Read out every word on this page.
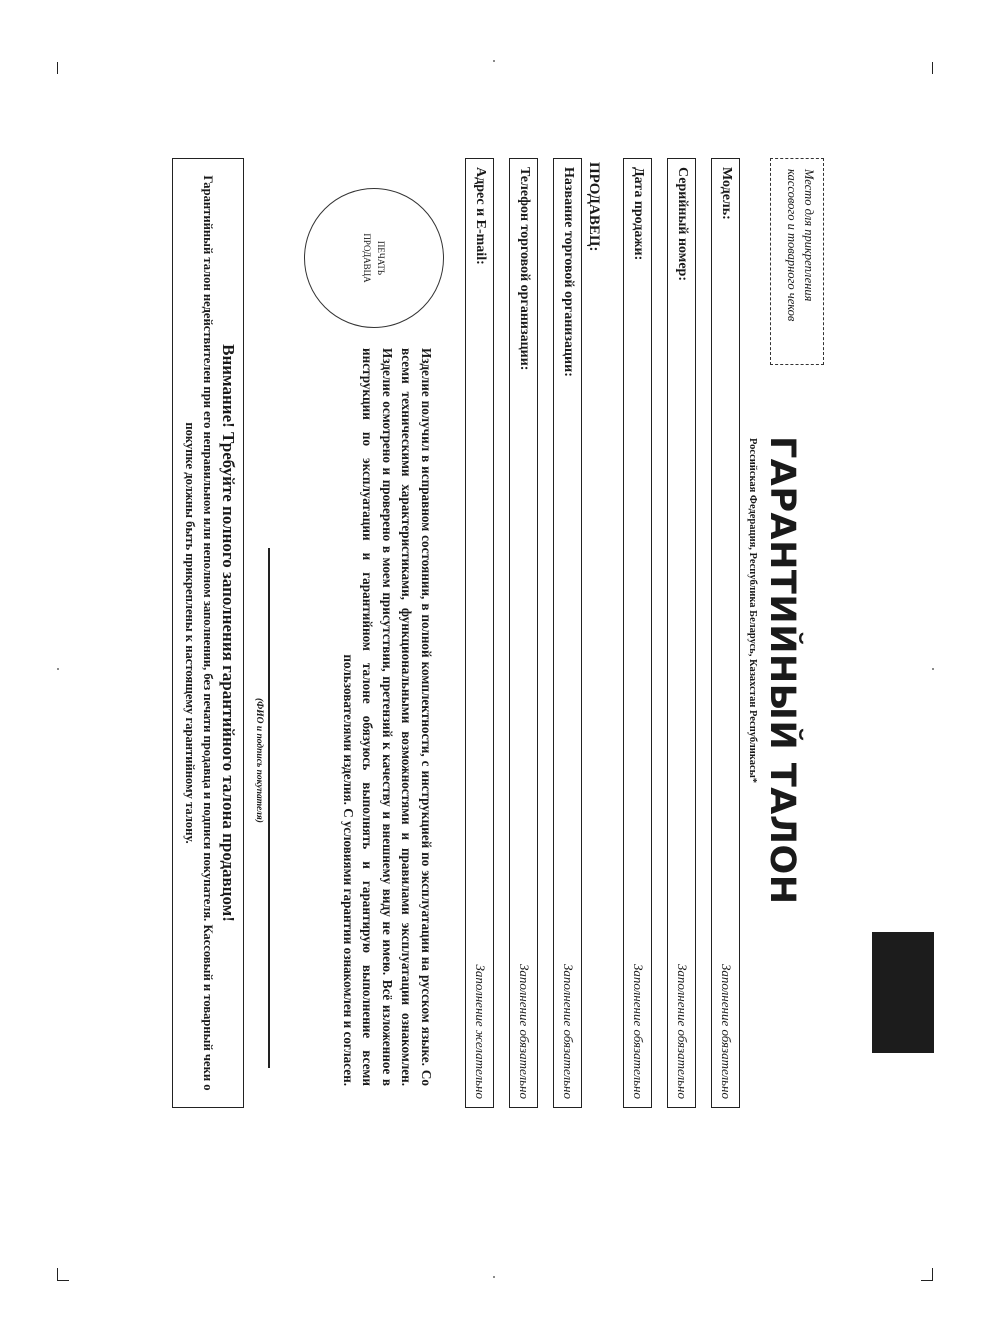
Место для прикрепления
кассового и товарного чеков
ГАРАНТИЙНЫЙ ТАЛОН
Российская Федерация, Республика Беларусь, Казахстан Республикасы*
Модель:
Заполнение обязательно
Серийный номер:
Заполнение обязательно
Дата продажи:
Заполнение обязательно
ПРОДАВЕЦ:
Название торговой организации:
Заполнение обязательно
Телефон торговой организации:
Заполнение обязательно
Адрес и E-mail:
Заполнение желательно
ПЕЧАТЬ
ПРОДАВЦА
Изделие получил в исправном состоянии, в полной комплектности, с инструкцией по эксплуатации на русском языке. Со всеми техническими характеристиками, функциональными возможностями и правилами эксплуатации ознакомлен. Изделие осмотрено и проверено в моем присутствии, претензий к качеству и внешнему виду не имею. Всё изложенное в инструкции по эксплуатации и гарантийном талоне обязуюсь выполнять и гарантирую выполнение всеми пользователями изделия. С условиями гарантии ознакомлен и согласен.
(ФИО и подпись покупателя)
Внимание! Требуйте полного заполнения гарантийного талона продавцом!
Гарантийный талон недействителен при его неправильном или неполном заполнении, без печати продавца и подписи покупателя. Кассовый и товарный чеки о покупке должны быть прикреплены к настоящему гарантийному талону.
